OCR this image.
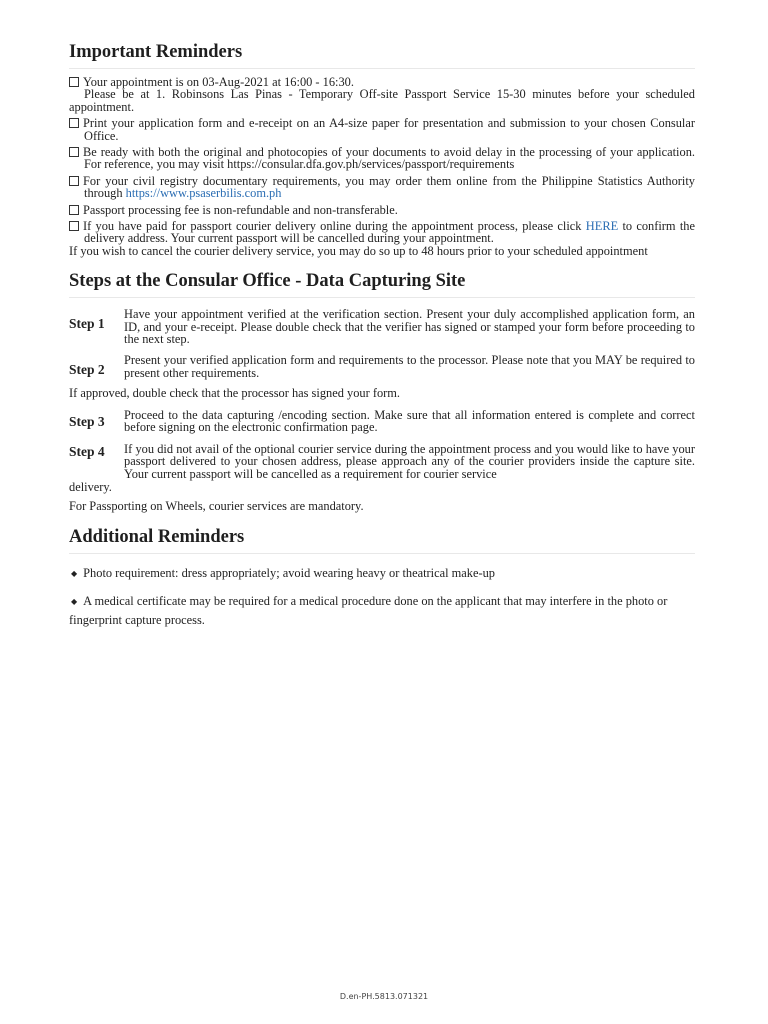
Important Reminders
Your appointment is on 03-Aug-2021 at 16:00 - 16:30.
Please be at 1. Robinsons Las Pinas - Temporary Off-site Passport Service 15-30 minutes before your scheduled appointment.
Print your application form and e-receipt on an A4-size paper for presentation and submission to your chosen Consular Office.
Be ready with both the original and photocopies of your documents to avoid delay in the processing of your application. For reference, you may visit https://consular.dfa.gov.ph/services/passport/requirements
For your civil registry documentary requirements, you may order them online from the Philippine Statistics Authority through https://www.psaserbilis.com.ph
Passport processing fee is non-refundable and non-transferable.
If you have paid for passport courier delivery online during the appointment process, please click HERE to confirm the delivery address. Your current passport will be cancelled during your appointment.

If you wish to cancel the courier delivery service, you may do so up to 48 hours prior to your scheduled appointment

Steps at the Consular Office - Data Capturing Site
Step 1
Have your appointment verified at the verification section. Present your duly accomplished application form, an ID, and your e-receipt. Please double check that the verifier has signed or stamped your form before proceeding to the next step.
Step 2
Present your verified application form and requirements to the processor. Please note that you MAY be required to present other requirements.

If approved, double check that the processor has signed your form.

Step 3 Proceed to the data capturing /encoding section. Make sure that all information entered is complete and correct before signing on the electronic confirmation page.
Step 4 If you did not avail of the optional courier service during the appointment process and you would like to have your passport delivered to your chosen address, please approach any of the courier providers inside the capture site. Your current passport will be cancelled as a requirement for courier service

delivery.

For Passporting on Wheels, courier services are mandatory.

Additional Reminders

◆ Photo requirement: dress appropriately; avoid wearing heavy or theatrical make-up

◆ A medical certificate may be required for a medical procedure done on the applicant that may interfere in the photo or fingerprint capture process.

D.en-PH.5813.071321
